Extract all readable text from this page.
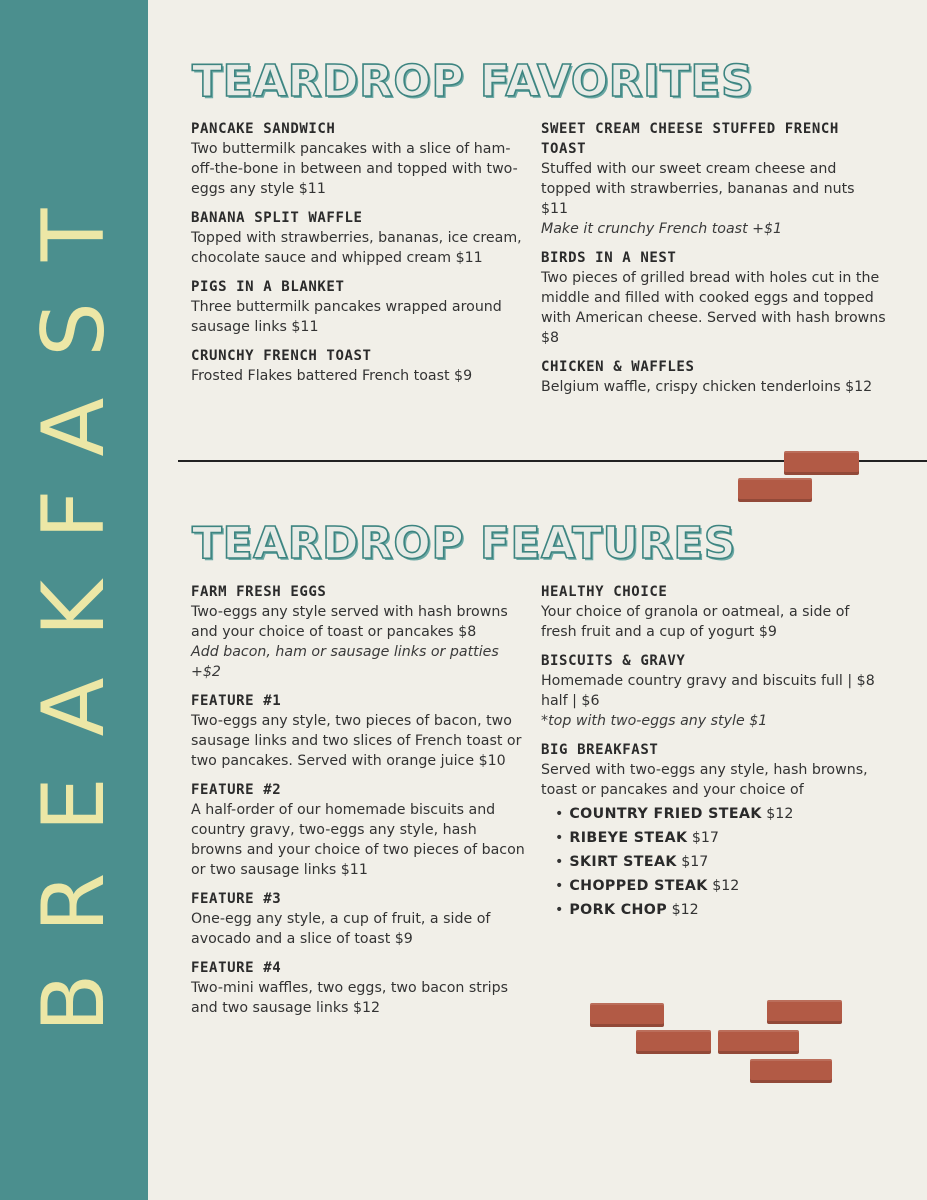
BREAKFAST
TEARDROP FAVORITES
PANCAKE SANDWICH
Two buttermilk pancakes with a slice of ham-off-the-bone in between and topped with two-eggs any style $11
BANANA SPLIT WAFFLE
Topped with strawberries, bananas, ice cream, chocolate sauce and whipped cream $11
PIGS IN A BLANKET
Three buttermilk pancakes wrapped around sausage links $11
CRUNCHY FRENCH TOAST
Frosted Flakes battered French toast $9
SWEET CREAM CHEESE STUFFED FRENCH TOAST
Stuffed with our sweet cream cheese and topped with strawberries, bananas and nuts $11
Make it crunchy French toast +$1
BIRDS IN A NEST
Two pieces of grilled bread with holes cut in the middle and filled with cooked eggs and topped with American cheese. Served with hash browns $8
CHICKEN & WAFFLES
Belgium waffle, crispy chicken tenderloins $12
TEARDROP FEATURES
FARM FRESH EGGS
Two-eggs any style served with hash browns and your choice of toast or pancakes $8
Add bacon, ham or sausage links or patties +$2
FEATURE #1
Two-eggs any style, two pieces of bacon, two sausage links and two slices of French toast or two pancakes. Served with orange juice $10
FEATURE #2
A half-order of our homemade biscuits and country gravy, two-eggs any style, hash browns and your choice of two pieces of bacon or two sausage links $11
FEATURE #3
One-egg any style, a cup of fruit, a side of avocado and a slice of toast $9
FEATURE #4
Two-mini waffles, two eggs, two bacon strips and two sausage links $12
HEALTHY CHOICE
Your choice of granola or oatmeal, a side of fresh fruit and a cup of yogurt $9
BISCUITS & GRAVY
Homemade country gravy and biscuits full | $8 half | $6
*top with two-eggs any style $1
BIG BREAKFAST
Served with two-eggs any style, hash browns, toast or pancakes and your choice of
• COUNTRY FRIED STEAK $12
• RIBEYE STEAK $17
• SKIRT STEAK $17
• CHOPPED STEAK $12
• PORK CHOP $12
